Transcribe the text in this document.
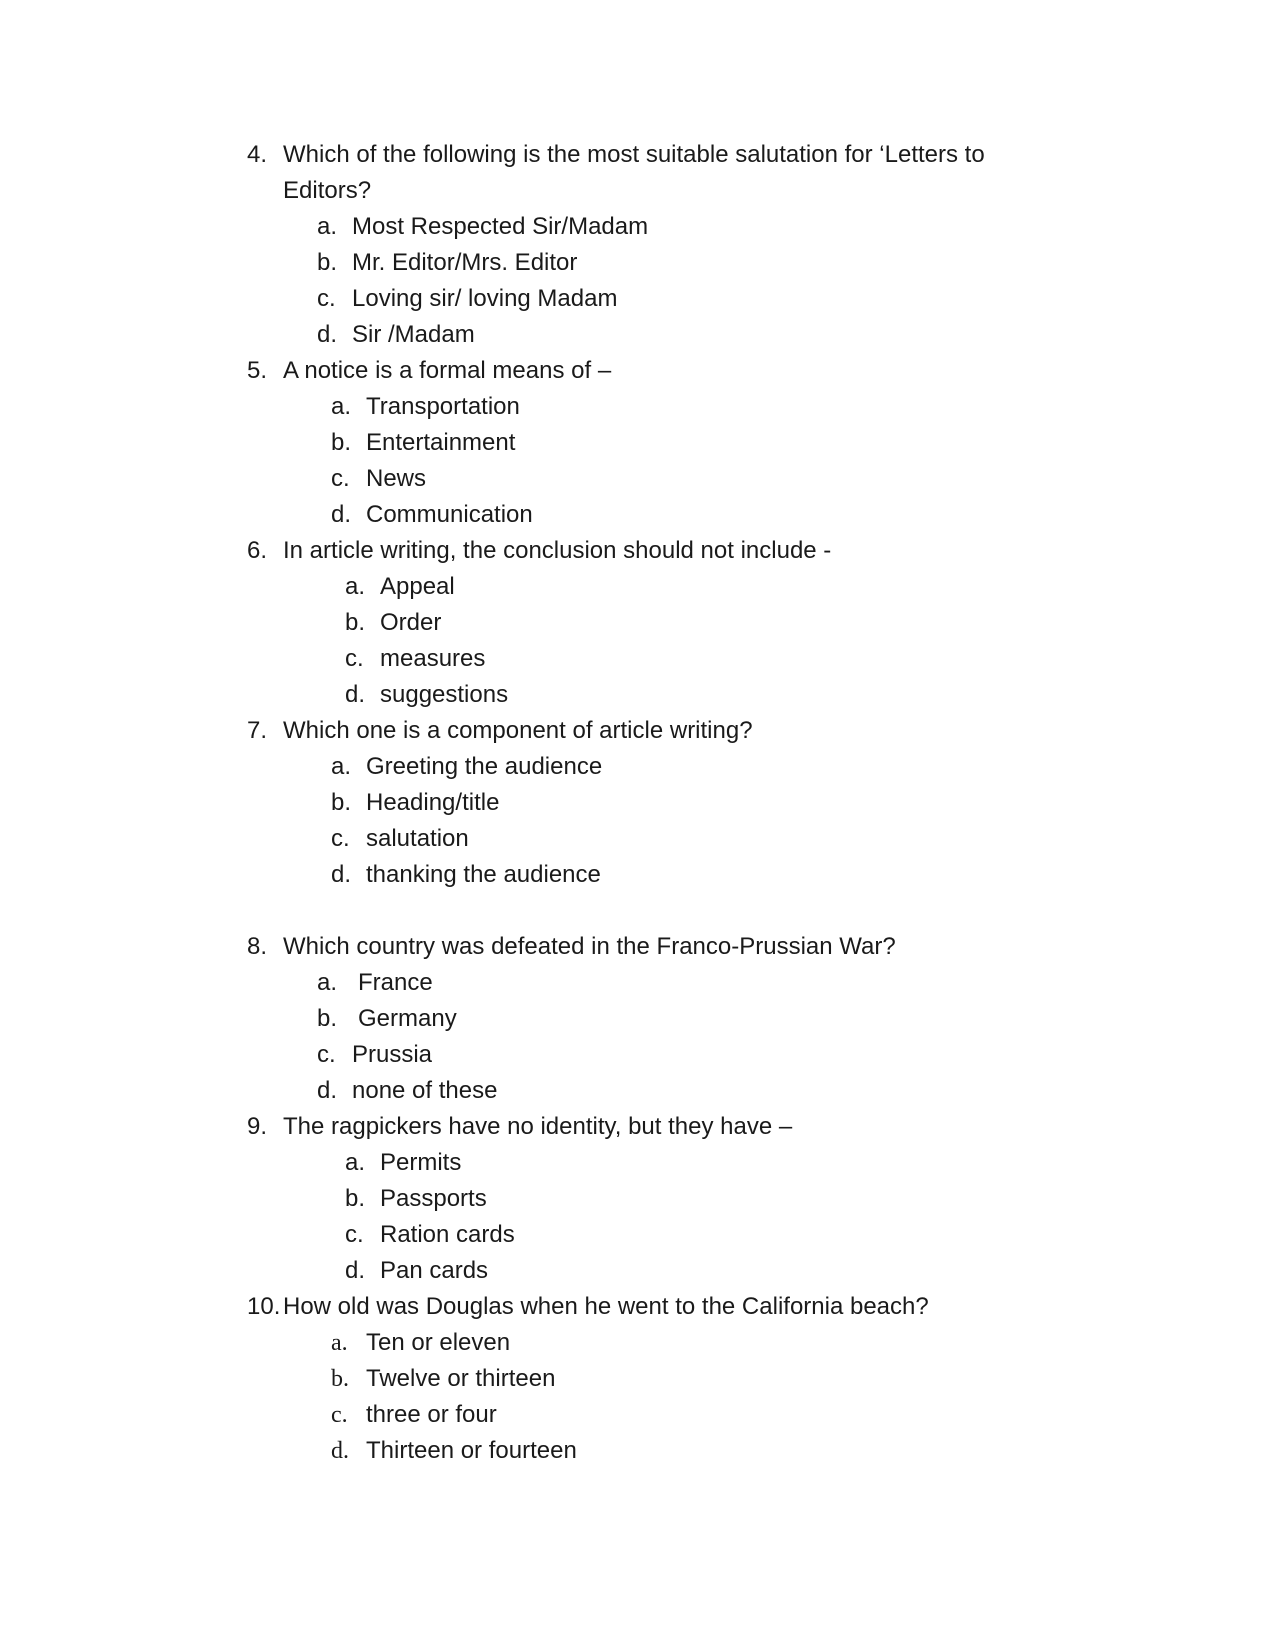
4. Which of the following is the most suitable salutation for ‘Letters to
Editors?
a. Most Respected Sir/Madam
b. Mr. Editor/Mrs. Editor
c. Loving sir/ loving Madam
d. Sir /Madam
5. A notice is a formal means of –
a. Transportation
b. Entertainment
c. News
d. Communication
6. In article writing, the conclusion should not include -
a. Appeal
b. Order
c. measures
d. suggestions
7. Which one is a component of article writing?
a. Greeting the audience
b. Heading/title
c. salutation
d. thanking the audience
8. Which country was defeated in the Franco-Prussian War?
a. France
b. Germany
c. Prussia
d. none of these
9. The ragpickers have no identity, but they have –
a. Permits
b. Passports
c. Ration cards
d. Pan cards
10. How old was Douglas when he went to the California beach?
a. Ten or eleven
b. Twelve or thirteen
c. three or four
d. Thirteen or fourteen
